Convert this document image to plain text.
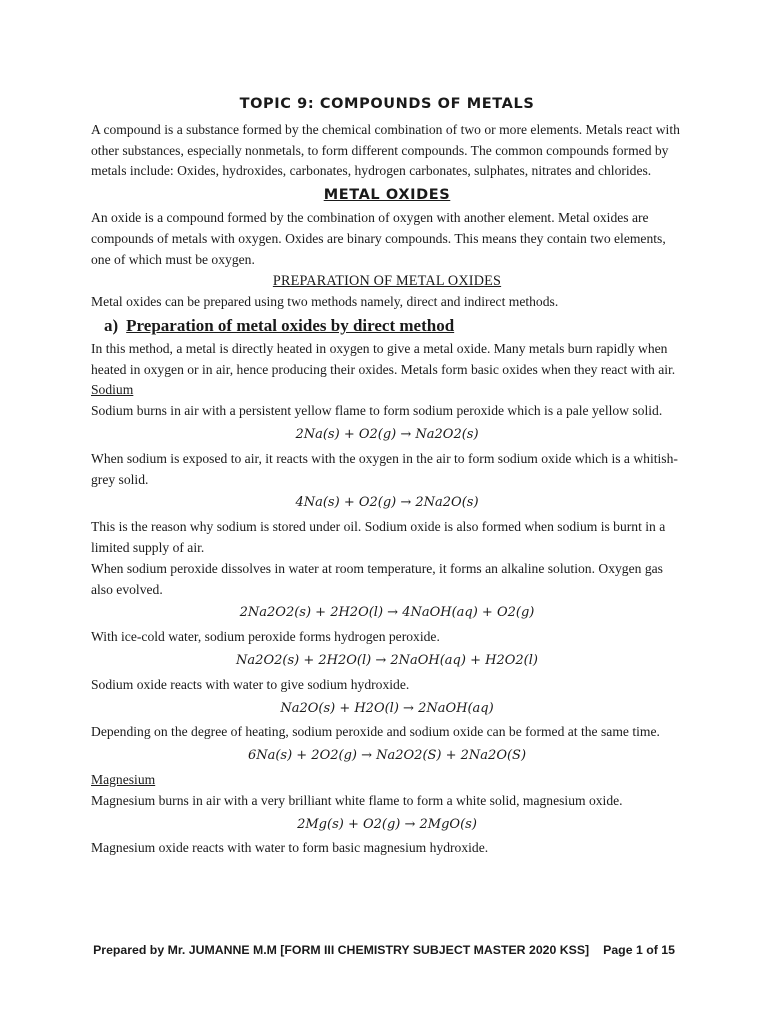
TOPIC 9: COMPOUNDS OF METALS

A compound is a substance formed by the chemical combination of two or more elements. Metals react with other substances, especially nonmetals, to form different compounds. The common compounds formed by metals include: Oxides, hydroxides, carbonates, hydrogen carbonates, sulphates, nitrates and chlorides.

METAL OXIDES

An oxide is a compound formed by the combination of oxygen with another element. Metal oxides are compounds of metals with oxygen. Oxides are binary compounds. This means they contain two elements, one of which must be oxygen.

PREPARATION OF METAL OXIDES

Metal oxides can be prepared using two methods namely, direct and indirect methods.

a) Preparation of metal oxides by direct method

In this method, a metal is directly heated in oxygen to give a metal oxide. Many metals burn rapidly when heated in oxygen or in air, hence producing their oxides. Metals form basic oxides when they react with air.

Sodium

Sodium burns in air with a persistent yellow flame to form sodium peroxide which is a pale yellow solid.

2Na(s) + O2(g) → Na2O2(s)

When sodium is exposed to air, it reacts with the oxygen in the air to form sodium oxide which is a whitish-grey solid.

4Na(s) + O2(g) → 2Na2O(s)

This is the reason why sodium is stored under oil. Sodium oxide is also formed when sodium is burnt in a limited supply of air.

When sodium peroxide dissolves in water at room temperature, it forms an alkaline solution. Oxygen gas also evolved.

2Na2O2(s) + 2H2O(l) → 4NaOH(aq) + O2(g)

With ice-cold water, sodium peroxide forms hydrogen peroxide.

Na2O2(s) + 2H2O(l) → 2NaOH(aq) + H2O2(l)

Sodium oxide reacts with water to give sodium hydroxide.

Na2O(s) + H2O(l) → 2NaOH(aq)

Depending on the degree of heating, sodium peroxide and sodium oxide can be formed at the same time.

6Na(s) + 2O2(g) → Na2O2(S) + 2Na2O(S)

Magnesium

Magnesium burns in air with a very brilliant white flame to form a white solid, magnesium oxide.

2Mg(s) + O2(g) → 2MgO(s)

Magnesium oxide reacts with water to form basic magnesium hydroxide.

Prepared by Mr. JUMANNE M.M [FORM III CHEMISTRY SUBJECT MASTER 2020 KSS] Page 1 of 15
